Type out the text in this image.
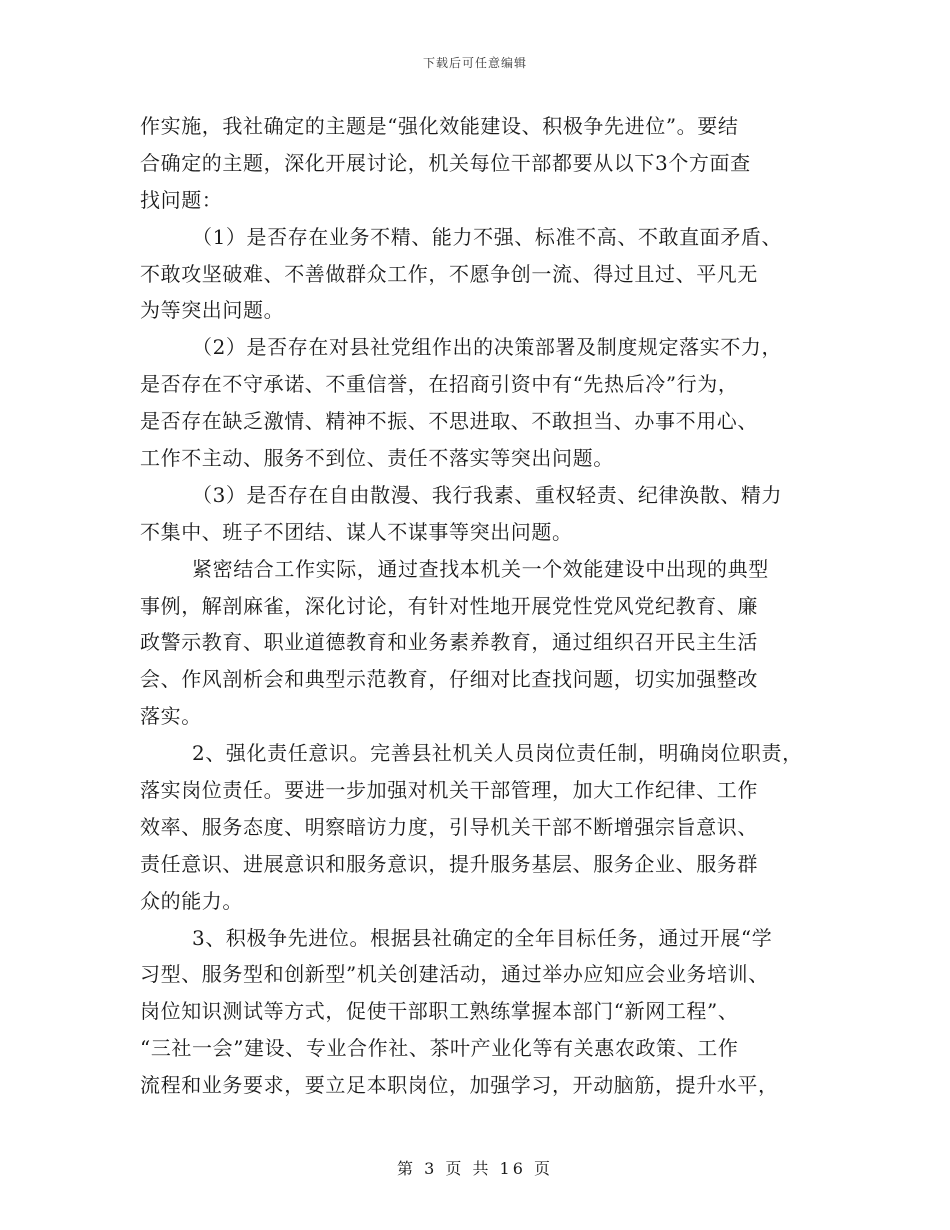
下载后可任意编辑
作实施，我社确定的主题是“强化效能建设、积极争先进位”。要结
合确定的主题，深化开展讨论，机关每位干部都要从以下3个方面查
找问题：
（1）是否存在业务不精、能力不强、标准不高、不敢直面矛盾、
不敢攻坚破难、不善做群众工作，不愿争创一流、得过且过、平凡无
为等突出问题。
（2）是否存在对县社党组作出的决策部署及制度规定落实不力，
是否存在不守承诺、不重信誉，在招商引资中有“先热后冷”行为，
是否存在缺乏激情、精神不振、不思进取、不敢担当、办事不用心、
工作不主动、服务不到位、责任不落实等突出问题。
（3）是否存在自由散漫、我行我素、重权轻责、纪律涣散、精力
不集中、班子不团结、谋人不谋事等突出问题。
紧密结合工作实际，通过查找本机关一个效能建设中出现的典型
事例，解剖麻雀，深化讨论，有针对性地开展党性党风党纪教育、廉
政警示教育、职业道德教育和业务素养教育，通过组织召开民主生活
会、作风剖析会和典型示范教育，仔细对比查找问题，切实加强整改
落实。
2、强化责任意识。完善县社机关人员岗位责任制，明确岗位职责，
落实岗位责任。要进一步加强对机关干部管理，加大工作纪律、工作
效率、服务态度、明察暗访力度，引导机关干部不断增强宗旨意识、
责任意识、进展意识和服务意识，提升服务基层、服务企业、服务群
众的能力。
3、积极争先进位。根据县社确定的全年目标任务，通过开展“学
习型、服务型和创新型”机关创建活动，通过举办应知应会业务培训、
岗位知识测试等方式，促使干部职工熟练掌握本部门“新网工程”、
“三社一会”建设、专业合作社、茶叶产业化等有关惠农政策、工作
流程和业务要求，要立足本职岗位，加强学习，开动脑筋，提升水平，
第 3 页 共 16 页
